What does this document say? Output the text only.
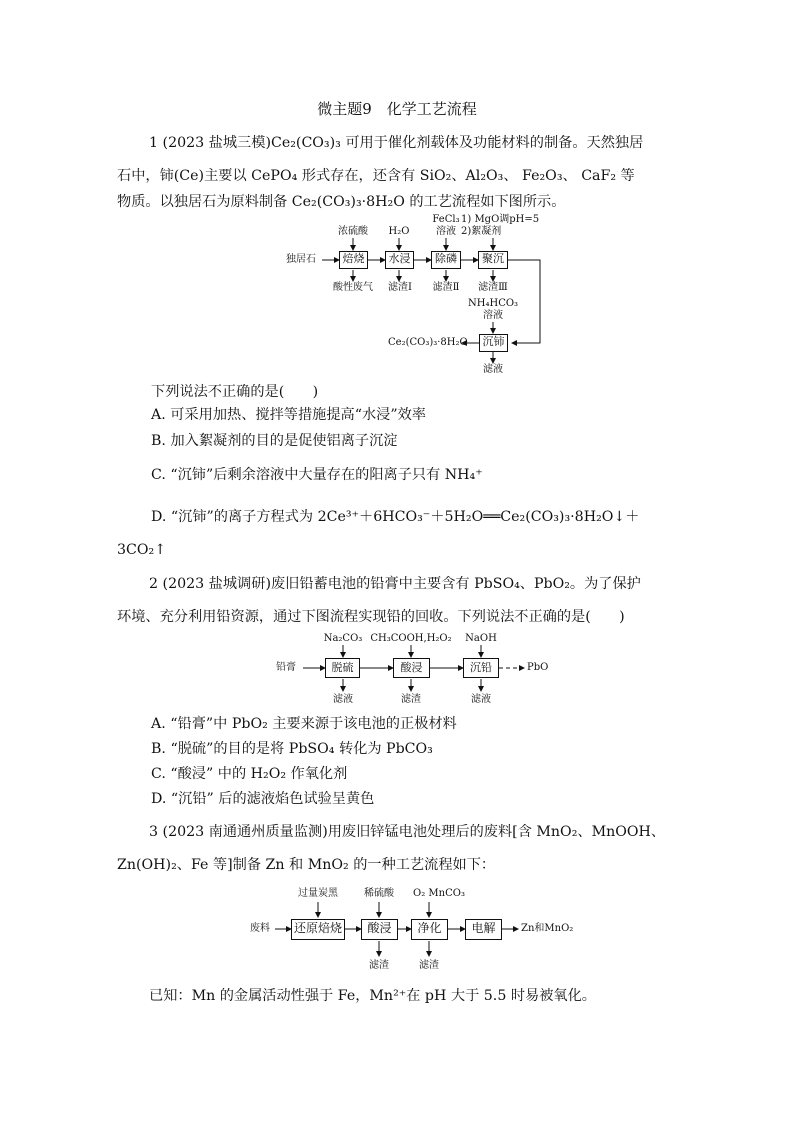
微主题9　化学工艺流程
1 (2023 盐城三模)Ce₂(CO₃)₃ 可用于催化剂载体及功能材料的制备。天然独居
石中，铈(Ce)主要以 CePO₄ 形式存在，还含有 SiO₂、Al₂O₃、 Fe₂O₃、 CaF₂ 等
物质。以独居石为原料制备 Ce₂(CO₃)₃·8H₂O 的工艺流程如下图所示。
独居石	焙烧	水浸	除磷	聚沉
浓硫酸	H₂O
FeCl₃
溶液
1) MgO调pH=5
2)絮凝剂
酸性废气	滤渣Ⅰ	滤渣Ⅱ	滤渣Ⅲ
NH₄HCO₃
溶液
沉铈
Ce₂(CO₃)₃·8H₂O
滤液
下列说法不正确的是(　　)
A. 可采用加热、搅拌等措施提高“水浸”效率
B. 加入絮凝剂的目的是促使铝离子沉淀
C. “沉铈”后剩余溶液中大量存在的阳离子只有 NH₄⁺
D. “沉铈”的离子方程式为 2Ce³⁺＋6HCO₃⁻＋5H₂O══Ce₂(CO₃)₃·8H₂O↓＋
3CO₂↑
2 (2023 盐城调研)废旧铅蓄电池的铅膏中主要含有 PbSO₄、PbO₂。为了保护
环境、充分利用铅资源，通过下图流程实现铅的回收。下列说法不正确的是(　　)
铅膏	脱硫	酸浸	沉铅	PbO
Na₂CO₃ CH₃COOH,H₂O₂	NaOH
滤液	滤渣	滤液
A. “铅膏”中 PbO₂ 主要来源于该电池的正极材料
B. “脱硫”的目的是将 PbSO₄ 转化为 PbCO₃
C. “酸浸” 中的 H₂O₂ 作氧化剂
D. “沉铅” 后的滤液焰色试验呈黄色
3 (2023 南通通州质量监测)用废旧锌锰电池处理后的废料[含 MnO₂、MnOOH、
Zn(OH)₂、Fe 等]制备 Zn 和 MnO₂ 的一种工艺流程如下：
废料 还原焙烧	酸浸	净化	电解	Zn和MnO₂
过量炭黑	稀硫酸	O₂ MnCO₃
滤渣	滤渣
已知：Mn 的金属活动性强于 Fe，Mn²⁺在 pH 大于 5.5 时易被氧化。
